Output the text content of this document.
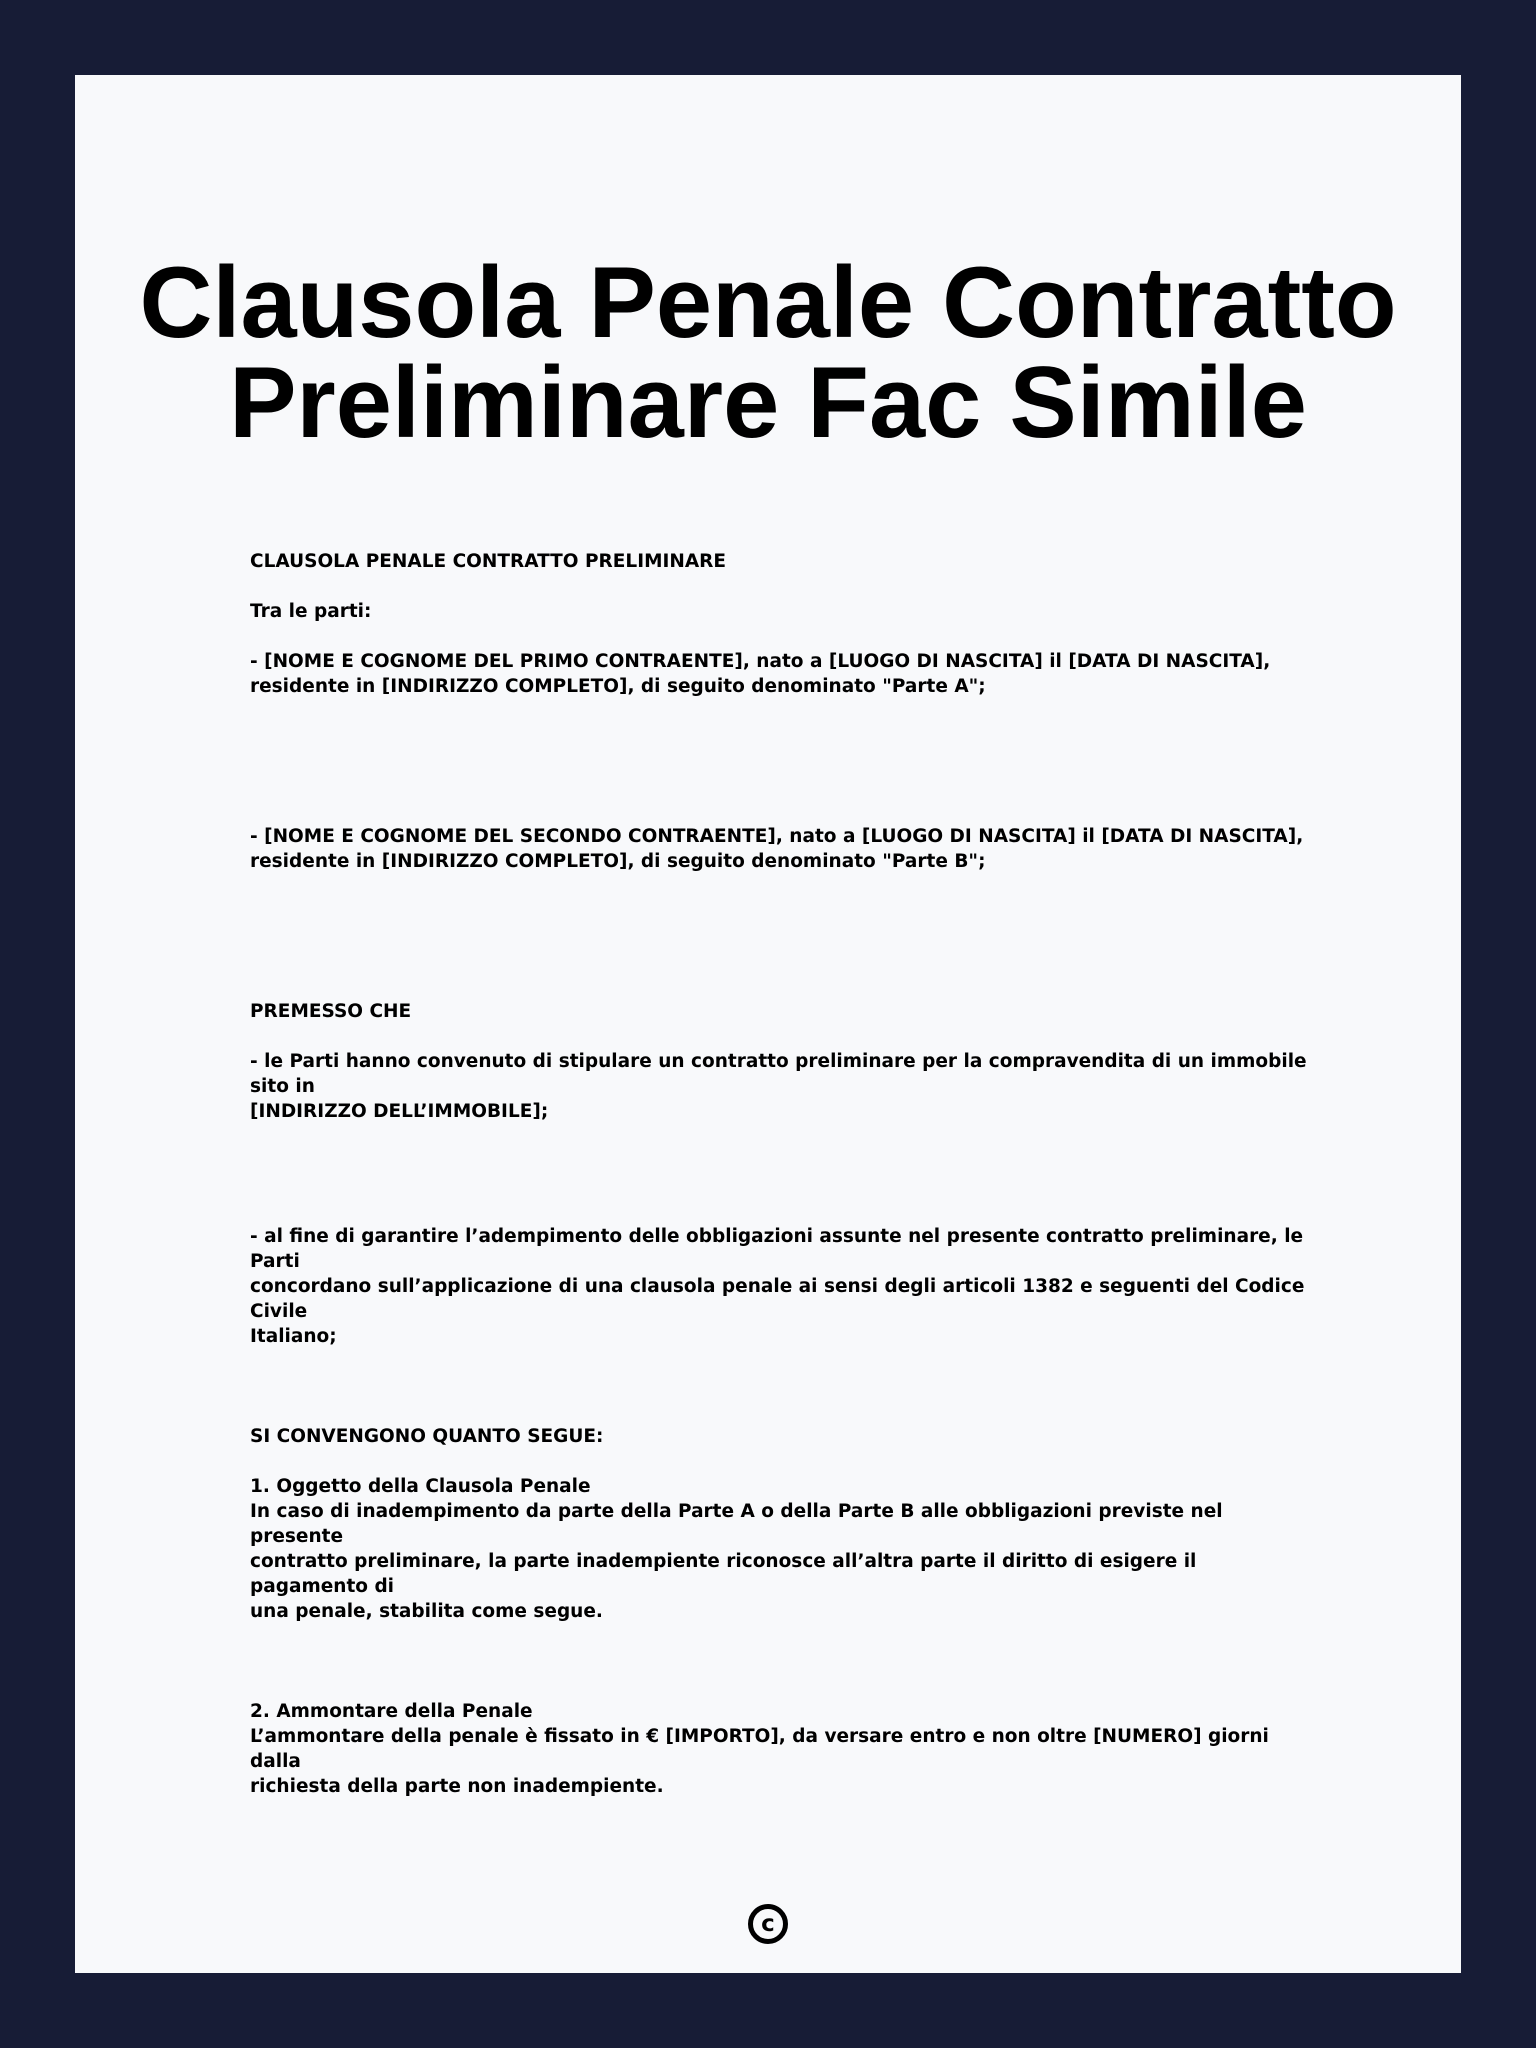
Clausola Penale Contratto Preliminare Fac Simile

CLAUSOLA PENALE CONTRATTO PRELIMINARE

Tra le parti:

- [NOME E COGNOME DEL PRIMO CONTRAENTE], nato a [LUOGO DI NASCITA] il [DATA DI NASCITA],
residente in [INDIRIZZO COMPLETO], di seguito denominato "Parte A";

- [NOME E COGNOME DEL SECONDO CONTRAENTE], nato a [LUOGO DI NASCITA] il [DATA DI NASCITA],
residente in [INDIRIZZO COMPLETO], di seguito denominato "Parte B";

PREMESSO CHE

- le Parti hanno convenuto di stipulare un contratto preliminare per la compravendita di un immobile sito in
[INDIRIZZO DELL’IMMOBILE];

- al fine di garantire l’adempimento delle obbligazioni assunte nel presente contratto preliminare, le Parti
concordano sull’applicazione di una clausola penale ai sensi degli articoli 1382 e seguenti del Codice Civile
Italiano;

SI CONVENGONO QUANTO SEGUE:

1. Oggetto della Clausola Penale
In caso di inadempimento da parte della Parte A o della Parte B alle obbligazioni previste nel presente
contratto preliminare, la parte inadempiente riconosce all’altra parte il diritto di esigere il pagamento di
una penale, stabilita come segue.

2. Ammontare della Penale
L’ammontare della penale è fissato in € [IMPORTO], da versare entro e non oltre [NUMERO] giorni dalla
richiesta della parte non inadempiente.

c
